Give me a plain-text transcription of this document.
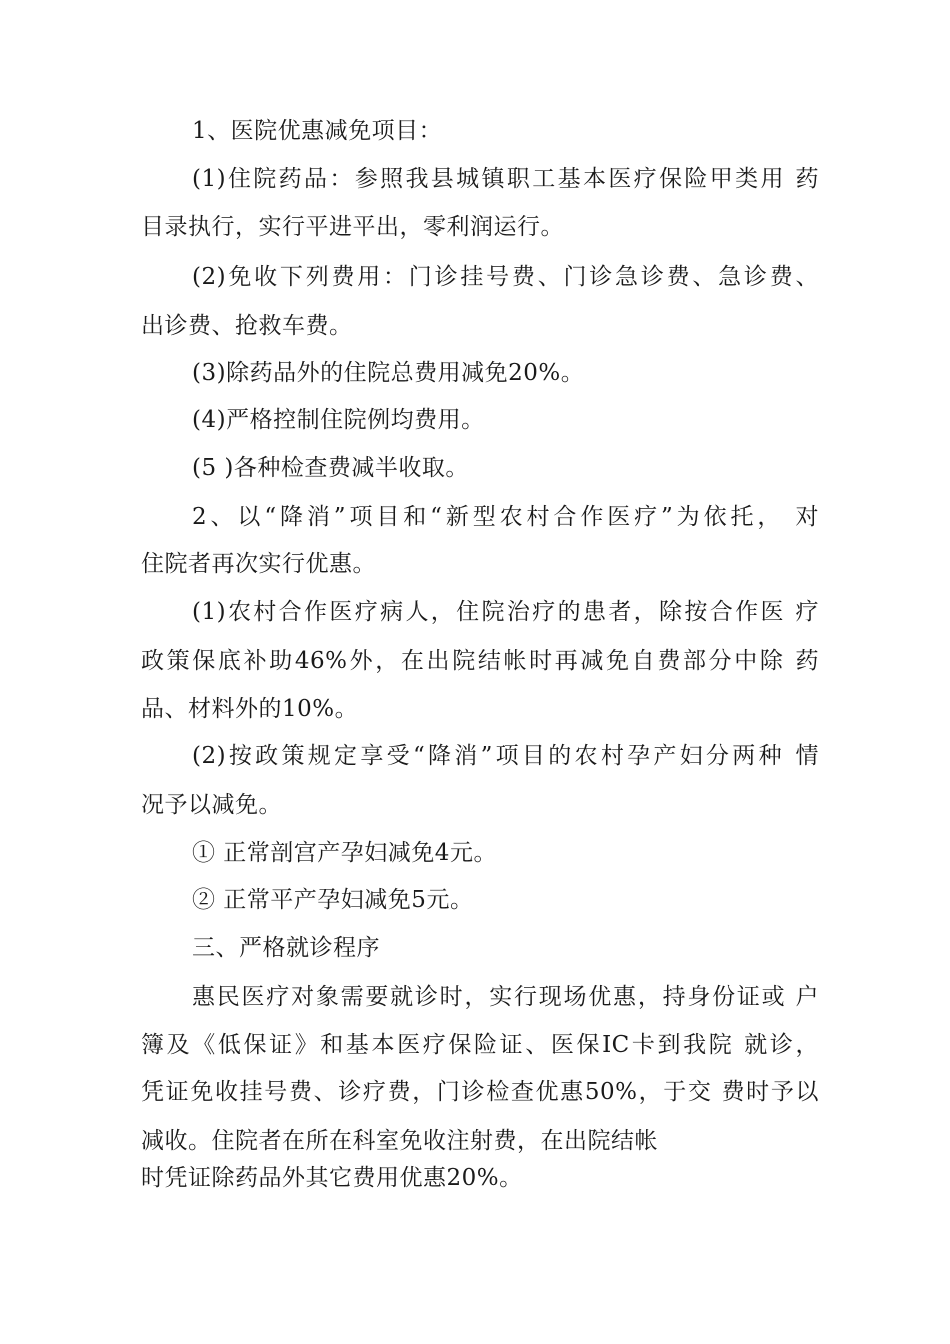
1、医院优惠减免项目：
(1)住院药品：参照我县城镇职工基本医疗保险甲类用 药
目录执行，实行平进平出，零利润运行。
(2)免收下列费用：门诊挂号费、门诊急诊费、急诊费、
出诊费、抢救车费。
(3)除药品外的住院总费用减免20%。
(4)严格控制住院例均费用。
(5 )各种检查费减半收取。
2、以“降消”项目和“新型农村合作医疗”为依托， 对
住院者再次实行优惠。
(1)农村合作医疗病人，住院治疗的患者，除按合作医 疗
政策保底补助46%外，在出院结帐时再减免自费部分中除 药
品、材料外的10%。
(2)按政策规定享受“降消”项目的农村孕产妇分两种 情
况予以减免。
① 正常剖宫产孕妇减免4元。
② 正常平产孕妇减免5元。
三、严格就诊程序
惠民医疗对象需要就诊时，实行现场优惠，持身份证或 户
簿及《低保证》和基本医疗保险证、医保IC卡到我院 就诊，
凭证免收挂号费、诊疗费，门诊检查优惠50%，于交 费时予以
减收。住院者在所在科室免收注射费，在出院结帐
时凭证除药品外其它费用优惠20%。
